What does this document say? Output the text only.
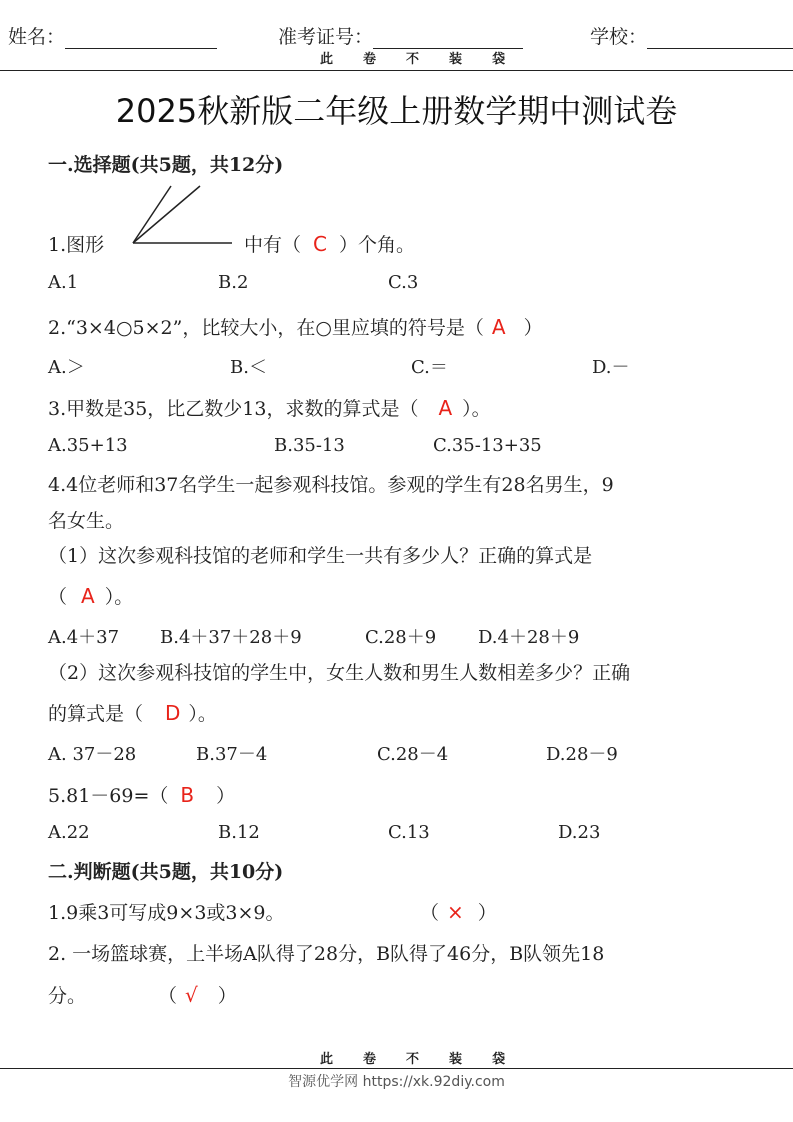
姓名：	准考证号：	学校：
此 卷 不 装 袋
2025秋新版二年级上册数学期中测试卷
一.选择题(共5题，共12分)
1.图形	中有（ C ）个角。
A.1	B.2	C.3
2.“3×4○5×2”，比较大小，在○里应填的符号是（ A ）
A.＞	B.＜	C.＝	D.－
3.甲数是35，比乙数少13，求数的算式是（ A ）。
A.35+13	B.35-13	C.35-13+35
4.4位老师和37名学生一起参观科技馆。参观的学生有28名男生，9
名女生。
（1）这次参观科技馆的老师和学生一共有多少人？正确的算式是
（ A ）。
A.4＋37 B.4＋37＋28＋9	C.28＋9 D.4＋28＋9
（2）这次参观科技馆的学生中，女生人数和男生人数相差多少？正确
的算式是（ D ）。
A. 37－28	B.37－4	C.28－4	D.28－9
5.81－69=（ B ）
A.22	B.12	C.13	D.23
二.判断题(共5题，共10分)
1.9乘3可写成9×3或3×9。	（ × ）
2. 一场篮球赛，上半场A队得了28分，B队得了46分，B队领先18
分。	（ √ ）
此 卷 不 装 袋
智源优学网 https://xk.92diy.com
